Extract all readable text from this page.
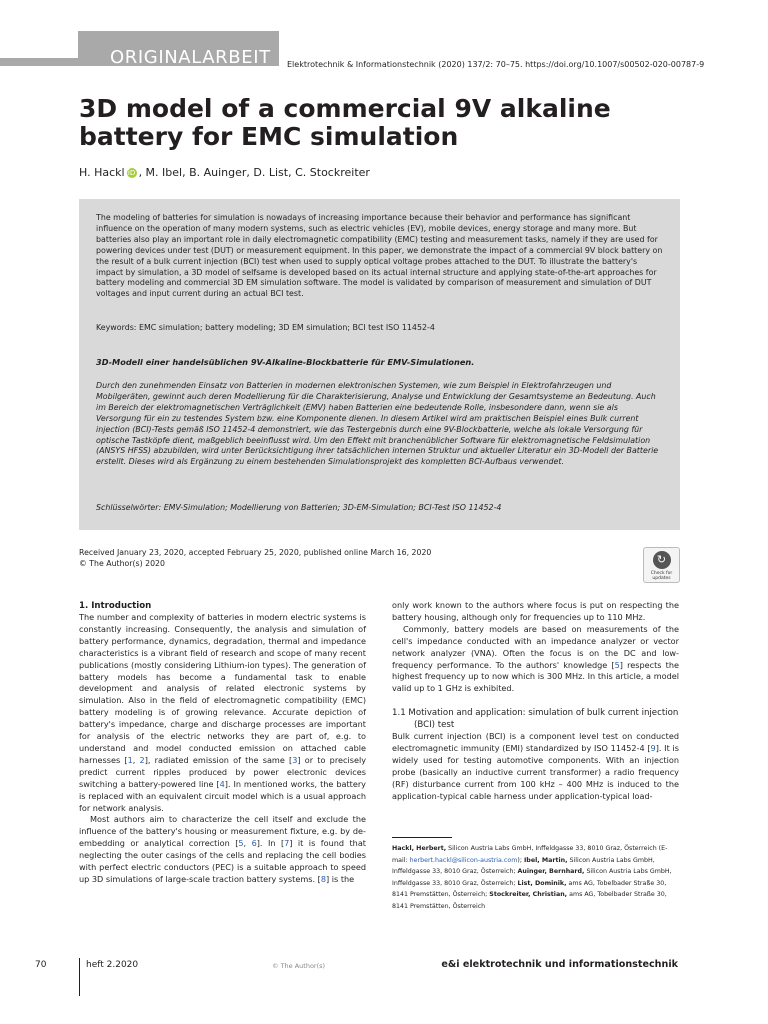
ORIGINALARBEIT Elektrotechnik & Informationstechnik (2020) 137/2: 70–75. https://doi.org/10.1007/s00502-020-00787-9
3D model of a commercial 9V alkaline battery for EMC simulation
H. Hackl iD , M. Ibel, B. Auinger, D. List, C. Stockreiter

The modeling of batteries for simulation is nowadays of increasing importance because their behavior and performance has significant influence on the operation of many modern systems, such as electric vehicles (EV), mobile devices, energy storage and many more. But batteries also play an important role in daily electromagnetic compatibility (EMC) testing and measurement tasks, namely if they are used for powering devices under test (DUT) or measurement equipment. In this paper, we demonstrate the impact of a commercial 9V block battery on the result of a bulk current injection (BCI) test when used to supply optical voltage probes attached to the DUT. To illustrate the battery's impact by simulation, a 3D model of selfsame is developed based on its actual internal structure and applying state-of-the-art approaches for battery modeling and commercial 3D EM simulation software. The model is validated by comparison of measurement and simulation of DUT voltages and input current during an actual BCI test.

Keywords: EMC simulation; battery modeling; 3D EM simulation; BCI test ISO 11452-4

3D-Modell einer handelsüblichen 9V-Alkaline-Blockbatterie für EMV-Simulationen.

Durch den zunehmenden Einsatz von Batterien in modernen elektronischen Systemen, wie zum Beispiel in Elektrofahrzeugen und Mobilgeräten, gewinnt auch deren Modellierung für die Charakterisierung, Analyse und Entwicklung der Gesamtsysteme an Bedeutung. Auch im Bereich der elektromagnetischen Verträglichkeit (EMV) haben Batterien eine bedeutende Rolle, insbesondere dann, wenn sie als Versorgung für ein zu testendes System bzw. eine Komponente dienen. In diesem Artikel wird am praktischen Beispiel eines Bulk current injection (BCI)-Tests gemäß ISO 11452-4 demonstriert, wie das Testergebnis durch eine 9V-Blockbatterie, welche als lokale Versorgung für optische Tastköpfe dient, maßgeblich beeinflusst wird. Um den Effekt mit branchenüblicher Software für elektromagnetische Feldsimulation (ANSYS HFSS) abzubilden, wird unter Berücksichtigung ihrer tatsächlichen internen Struktur und aktueller Literatur ein 3D-Modell der Batterie erstellt. Dieses wird als Ergänzung zu einem bestehenden Simulationsprojekt des kompletten BCI-Aufbaus verwendet.

Schlüsselwörter: EMV-Simulation; Modellierung von Batterien; 3D-EM-Simulation; BCI-Test ISO 11452-4

Received January 23, 2020, accepted February 25, 2020, published online March 16, 2020
© The Author(s) 2020	↻
Check for updates

1. Introduction

The number and complexity of batteries in modern electric systems is constantly increasing. Consequently, the analysis and simulation of battery performance, dynamics, degradation, thermal and impedance characteristics is a vibrant field of research and scope of many recent publications (mostly considering Lithium-ion types). The generation of battery models has become a fundamental task to enable development and analysis of related electronic systems by simulation. Also in the field of electromagnetic compatibility (EMC) battery modeling is of growing relevance. Accurate depiction of battery's impedance, charge and discharge processes are important for analysis of the electric networks they are part of, e.g. to understand and model conducted emission on attached cable harnesses [1, 2], radiated emission of the same [3] or to precisely predict current ripples produced by power electronic devices switching a battery-powered line [4]. In mentioned works, the battery is replaced with an equivalent circuit model which is a usual approach for network analysis.

Most authors aim to characterize the cell itself and exclude the influence of the battery's housing or measurement fixture, e.g. by de-embedding or analytical correction [5, 6]. In [7] it is found that neglecting the outer casings of the cells and replacing the cell bodies with perfect electric conductors (PEC) is a suitable approach to speed up 3D simulations of large-scale traction battery systems. [8] is the

only work known to the authors where focus is put on respecting the battery housing, although only for frequencies up to 110 MHz.

Commonly, battery models are based on measurements of the cell's impedance conducted with an impedance analyzer or vector network analyzer (VNA). Often the focus is on the DC and low-frequency performance. To the authors' knowledge [5] respects the highest frequency up to now which is 300 MHz. In this article, a model valid up to 1 GHz is exhibited.

1.1 Motivation and application: simulation of bulk current injection (BCI) test

Bulk current injection (BCI) is a component level test on conducted electromagnetic immunity (EMI) standardized by ISO 11452-4 [9]. It is widely used for testing automotive components. With an injection probe (basically an inductive current transformer) a radio frequency (RF) disturbance current from 100 kHz – 400 MHz is induced to the application-typical cable harness under application-typical load-

Hackl, Herbert, Silicon Austria Labs GmbH, Inffeldgasse 33, 8010 Graz, Österreich (E-mail: herbert.hackl@silicon-austria.com); Ibel, Martin, Silicon Austria Labs GmbH, Inffeldgasse 33, 8010 Graz, Österreich; Auinger, Bernhard, Silicon Austria Labs GmbH, Inffeldgasse 33, 8010 Graz, Österreich; List, Dominik, ams AG, Tobelbader Straße 30, 8141 Premstätten, Österreich; Stockreiter, Christian, ams AG, Tobelbader Straße 30, 8141 Premstätten, Österreich
70	heft 2.2020	© The Author(s)	e&i elektrotechnik und informationstechnik
